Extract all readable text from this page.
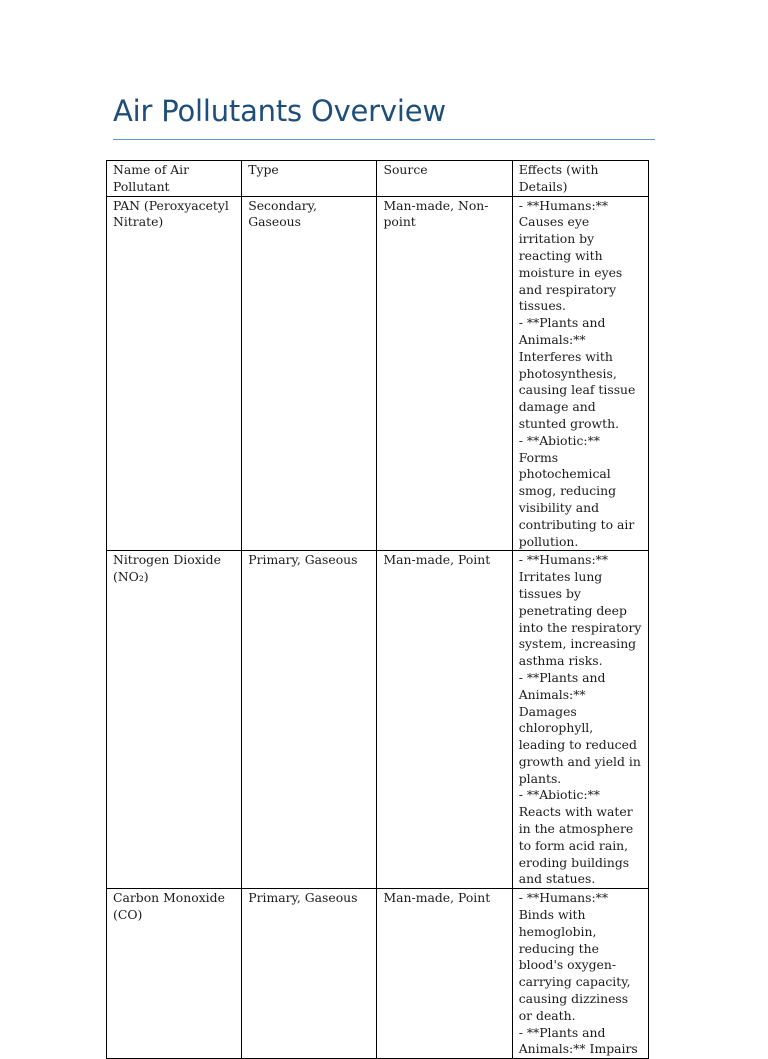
Air Pollutants Overview
Name of Air Pollutant	Type	Source	Effects (with Details)
PAN (Peroxyacetyl Nitrate)	Secondary, Gaseous	Man-made, Non-point	- **Humans:** Causes eye irritation by reacting with moisture in eyes and respiratory tissues.
- **Plants and Animals:** Interferes with photosynthesis, causing leaf tissue damage and stunted growth.
- **Abiotic:** Forms photochemical smog, reducing visibility and contributing to air pollution.

Nitrogen Dioxide (NO₂)	Primary, Gaseous	Man-made, Point	- **Humans:** Irritates lung tissues by penetrating deep into the respiratory system, increasing asthma risks.
- **Plants and Animals:** Damages chlorophyll, leading to reduced growth and yield in plants.
- **Abiotic:** Reacts with water in the atmosphere to form acid rain, eroding buildings and statues.

Carbon Monoxide (CO)	Primary, Gaseous	Man-made, Point	- **Humans:** Binds with hemoglobin, reducing the blood's oxygen-carrying capacity, causing dizziness or death.
- **Plants and Animals:** Impairs
